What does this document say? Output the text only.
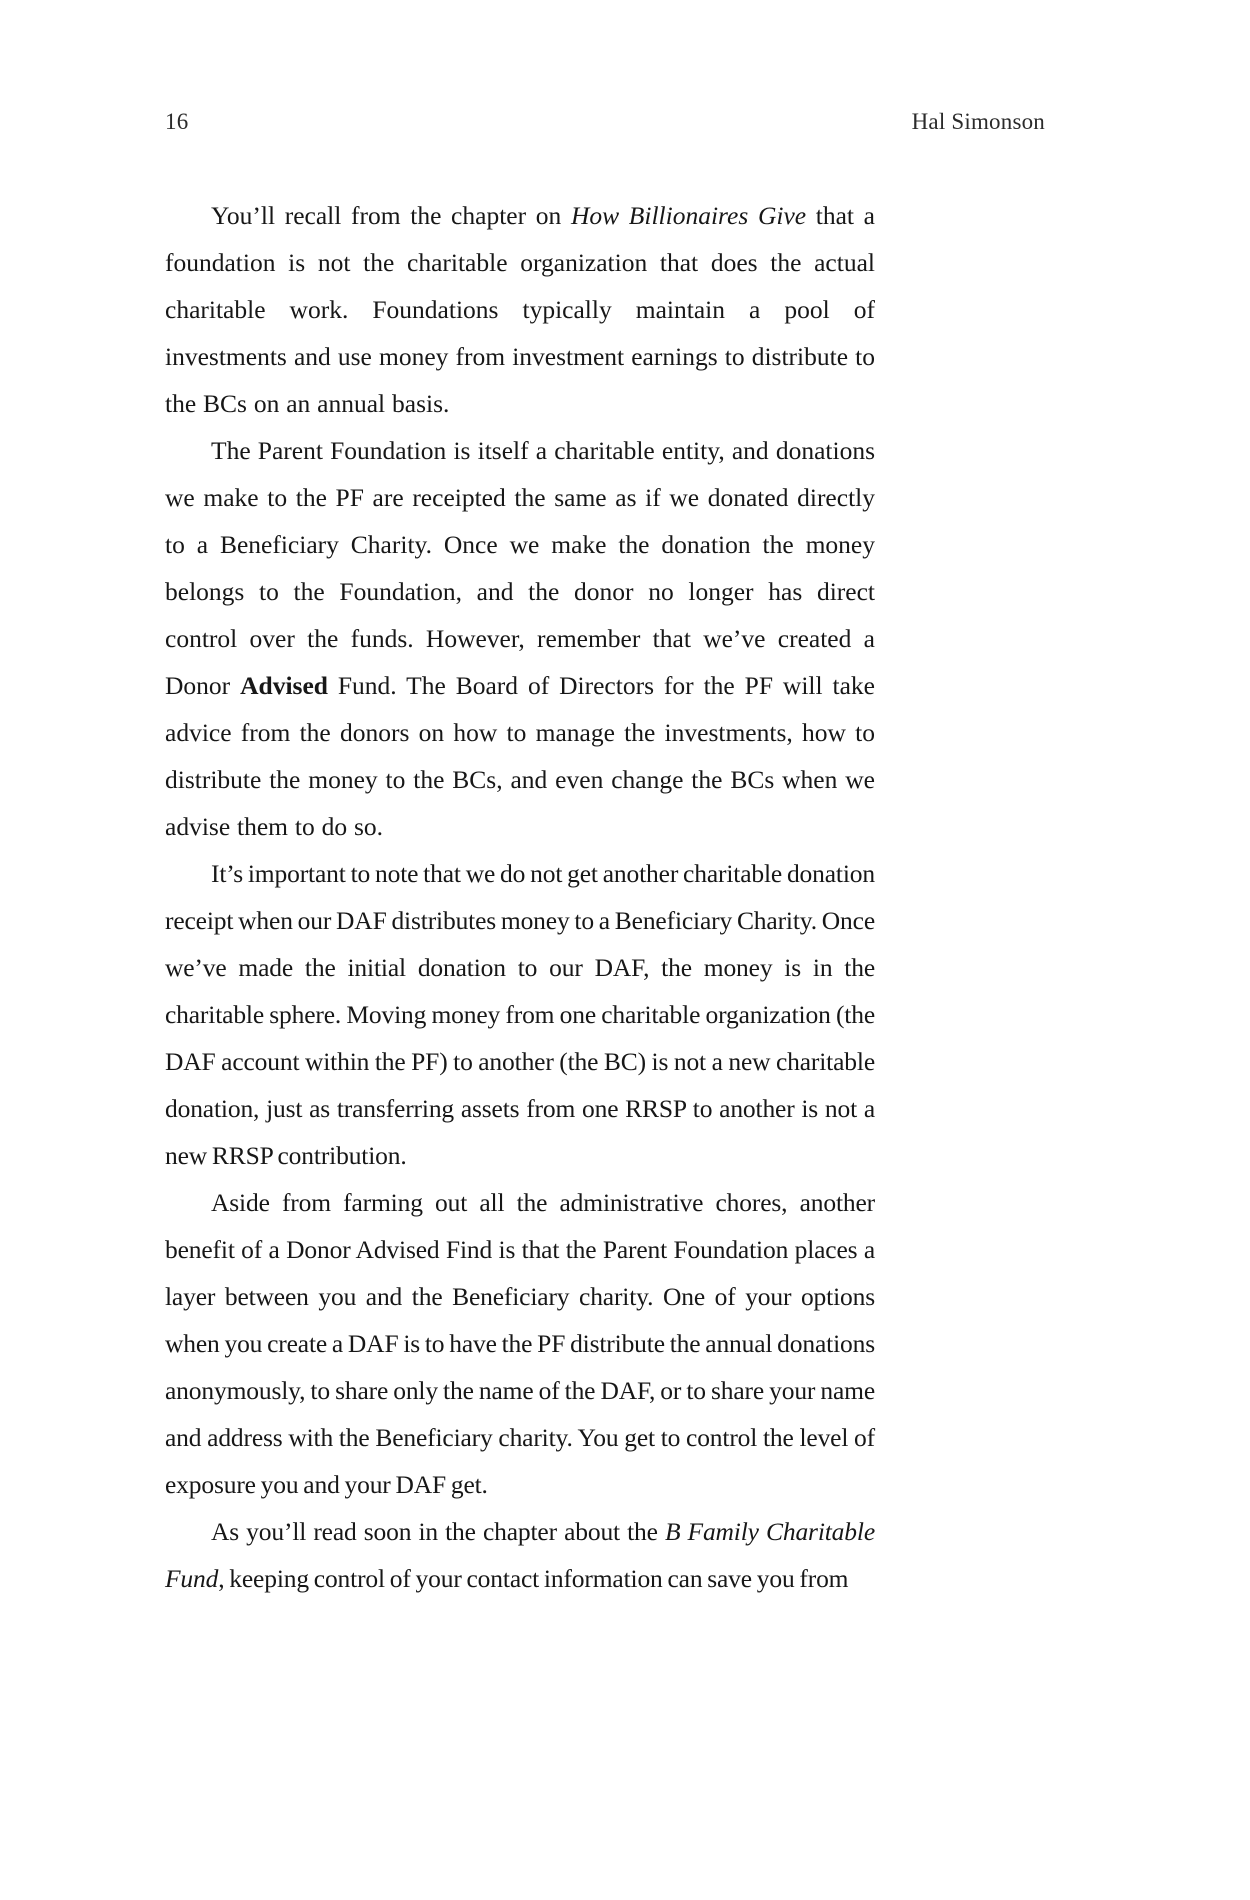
16	Hal Simonson

You’ll recall from the chapter on How Billionaires Give that a foundation is not the charitable organization that does the actual charitable work. Foundations typically maintain a pool of investments and use money from investment earnings to distribute to the BCs on an annual basis.

The Parent Foundation is itself a charitable entity, and donations we make to the PF are receipted the same as if we donated directly to a Beneficiary Charity. Once we make the donation the money belongs to the Foundation, and the donor no longer has direct control over the funds. However, remember that we’ve created a Donor Advised Fund. The Board of Directors for the PF will take advice from the donors on how to manage the investments, how to distribute the money to the BCs, and even change the BCs when we advise them to do so.

It’s important to note that we do not get another charitable donation receipt when our DAF distributes money to a Beneficiary Charity. Once we’ve made the initial donation to our DAF, the money is in the charitable sphere. Moving money from one charitable organization (the DAF account within the PF) to another (the BC) is not a new charitable donation, just as transferring assets from one RRSP to another is not a new RRSP contribution.

Aside from farming out all the administrative chores, another benefit of a Donor Advised Find is that the Parent Foundation places a layer between you and the Beneficiary charity. One of your options when you create a DAF is to have the PF distribute the annual donations anonymously, to share only the name of the DAF, or to share your name and address with the Beneficiary charity. You get to control the level of exposure you and your DAF get.

As you’ll read soon in the chapter about the B Family Charitable Fund, keeping control of your contact information can save you from
